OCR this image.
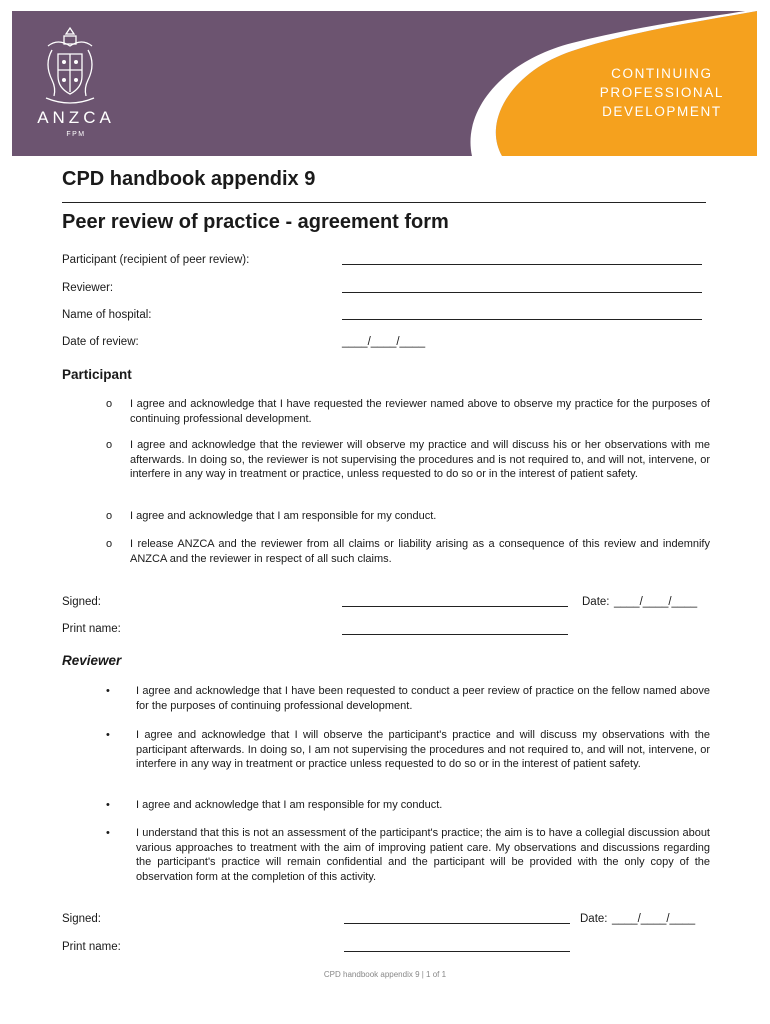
ANZCA
FPM
CONTINUING
PROFESSIONAL
DEVELOPMENT
CPD handbook appendix 9
Peer review of practice - agreement form
Participant (recipient of peer review):
Reviewer:
Name of hospital:
Date of review:	____/____/____
Participant
o	I agree and acknowledge that I have requested the reviewer named above to observe my practice for the purposes of continuing professional development.
o	I agree and acknowledge that the reviewer will observe my practice and will discuss his or her observations with me afterwards. In doing so, the reviewer is not supervising the procedures and is not required to, and will not, intervene, or interfere in any way in treatment or practice, unless requested to do so or in the interest of patient safety.
o	I agree and acknowledge that I am responsible for my conduct.
o	I release ANZCA and the reviewer from all claims or liability arising as a consequence of this review and indemnify ANZCA and the reviewer in respect of all such claims.
Signed:	Date: ____/____/____
Print name:
Reviewer
•	I agree and acknowledge that I have been requested to conduct a peer review of practice on the fellow named above for the purposes of continuing professional development.
•	I agree and acknowledge that I will observe the participant's practice and will discuss my observations with the participant afterwards. In doing so, I am not supervising the procedures and not required to, and will not, intervene, or interfere in any way in treatment or practice unless requested to do so or in the interest of patient safety.
•	I agree and acknowledge that I am responsible for my conduct.
•	I understand that this is not an assessment of the participant's practice; the aim is to have a collegial discussion about various approaches to treatment with the aim of improving patient care. My observations and discussions regarding the participant's practice will remain confidential and the participant will be provided with the only copy of the observation form at the completion of this activity.
Signed:	Date: ____/____/____
Print name:
CPD handbook appendix 9 | 1 of 1
